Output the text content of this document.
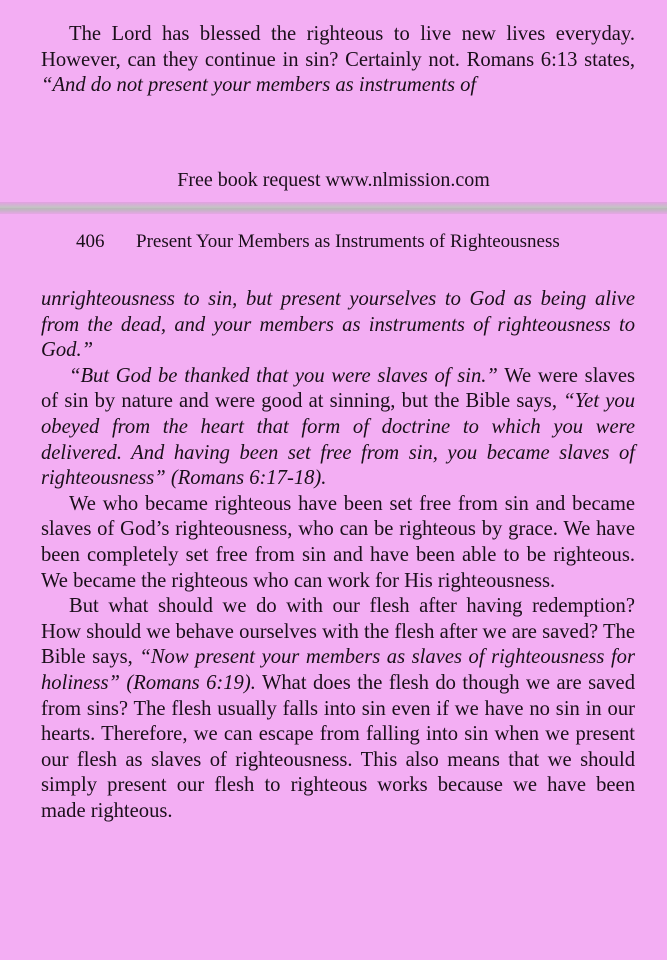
The Lord has blessed the righteous to live new lives everyday. However, can they continue in sin? Certainly not. Romans 6:13 states, “And do not present your members as instruments of

Free book request www.nlmission.com
406 Present Your Members as Instruments of Righteousness

unrighteousness to sin, but present yourselves to God as being alive from the dead, and your members as instruments of righteousness to God.”

“But God be thanked that you were slaves of sin.” We were slaves of sin by nature and were good at sinning, but the Bible says, “Yet you obeyed from the heart that form of doctrine to which you were delivered. And having been set free from sin, you became slaves of righteousness” (Romans 6:17-18).

We who became righteous have been set free from sin and became slaves of God’s righteousness, who can be righteous by grace. We have been completely set free from sin and have been able to be righteous. We became the righteous who can work for His righteousness.

But what should we do with our flesh after having redemption? How should we behave ourselves with the flesh after we are saved? The Bible says, “Now present your members as slaves of righteousness for holiness” (Romans 6:19). What does the flesh do though we are saved from sins? The flesh usually falls into sin even if we have no sin in our hearts. Therefore, we can escape from falling into sin when we present our flesh as slaves of righteousness. This also means that we should simply present our flesh to righteous works because we have been made righteous.
